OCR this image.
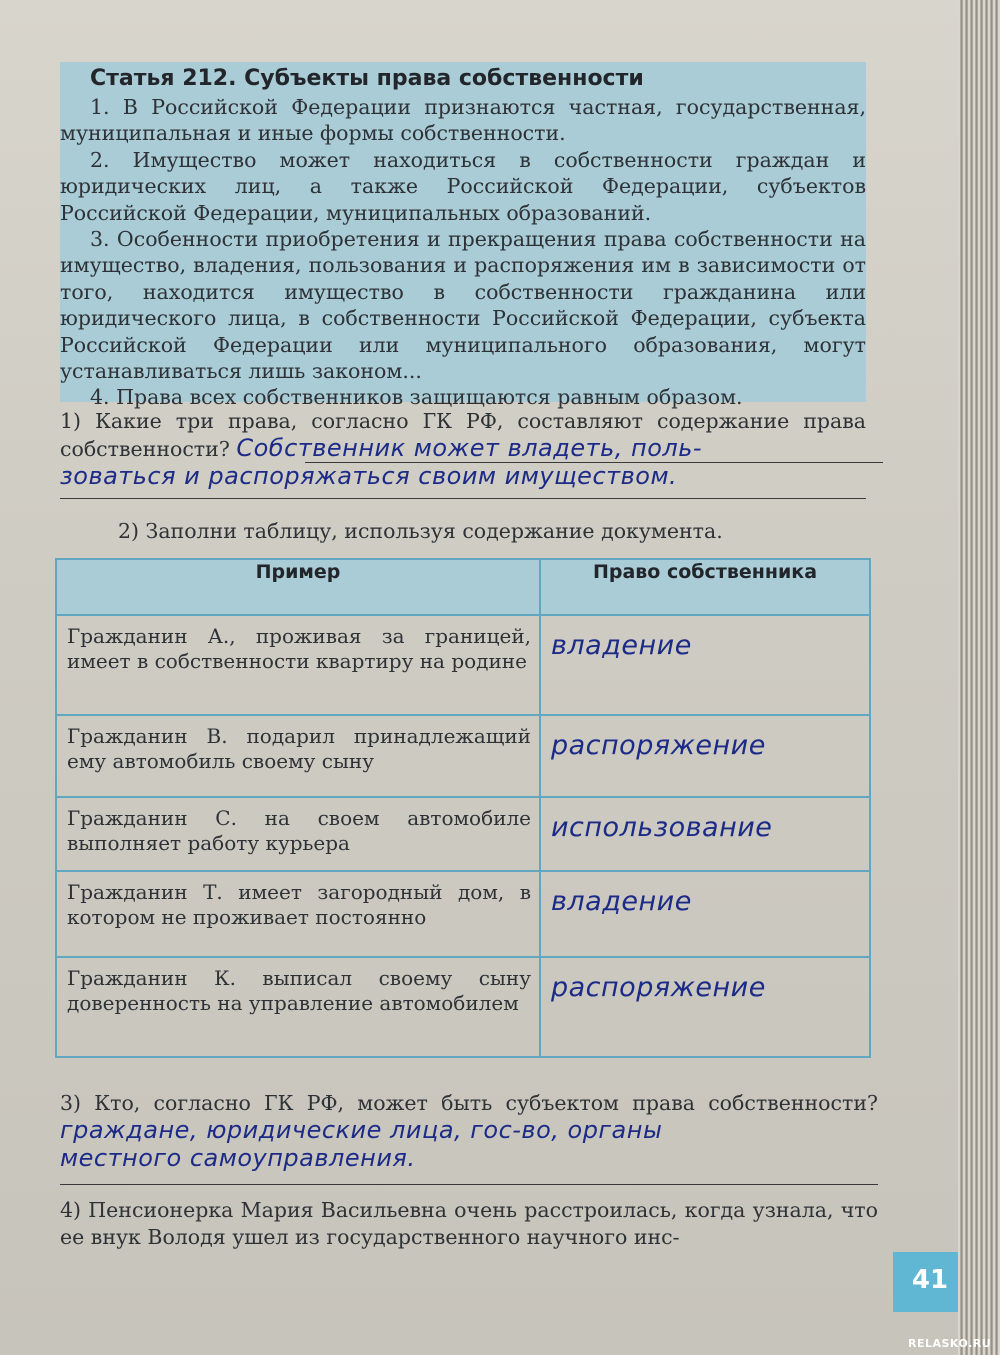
Статья 212. Субъекты права собственности

1. В Российской Федерации признаются частная, государственная, муниципальная и иные формы собственности.

2. Имущество может находиться в собственности граждан и юридических лиц, а также Российской Федерации, субъектов Российской Федерации, муниципальных образований.

3. Особенности приобретения и прекращения права собственности на имущество, владения, пользования и распоряжения им в зависимости от того, находится имущество в собственности гражданина или юридического лица, в собственности Российской Федерации, субъекта Российской Федерации или муниципального образования, могут устанавливаться лишь законом...

4. Права всех собственников защищаются равным образом.

1) Какие три права, согласно ГК РФ, составляют содержание права собственности? Собственник может владеть, поль-
зоваться и распоряжаться своим имуществом.
2) Заполни таблицу, используя содержание документа.
Пример	Право собственника
Гражданин А., проживая за границей, имеет в собственности квартиру на родине	владение
Гражданин В. подарил принадлежащий ему автомобиль своему сыну	распоряжение
Гражданин С. на своем автомобиле выполняет работу курьера	использование
Гражданин Т. имеет загородный дом, в котором не проживает постоянно	владение
Гражданин К. выписал своему сыну доверенность на управление автомобилем	распоряжение
3) Кто, согласно ГК РФ, может быть субъектом права собственности? граждане, юридические лица, гос-во, органы
местного самоуправления.
4) Пенсионерка Мария Васильевна очень расстроилась, когда узнала, что ее внук Володя ушел из государственного научного инс-
41
RELASKO.RU
